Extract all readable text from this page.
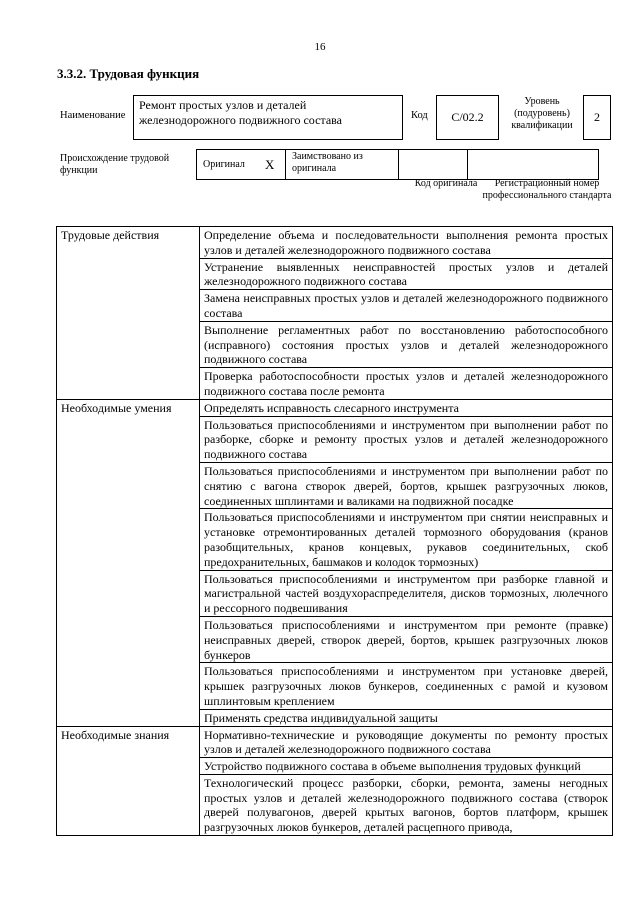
16
3.3.2. Трудовая функция
Наименование
Ремонт простых узлов и деталей железнодорожного подвижного состава	Код	C/02.2
Уровень (подуровень) квалификации
2
Происхождение трудовой функции
Оригинал	X	Заимствовано из оригинала		
Код оригинала	Регистрационный номер профессионального стандарта
Трудовые действия	Определение объема и последовательности выполнения ремонта простых узлов и деталей железнодорожного подвижного состава
	Устранение выявленных неисправностей простых узлов и деталей железнодорожного подвижного состава
	Замена неисправных простых узлов и деталей железнодорожного подвижного состава
	Выполнение регламентных работ по восстановлению работоспособного (исправного) состояния простых узлов и деталей железнодорожного подвижного состава
	Проверка работоспособности простых узлов и деталей железнодорожного подвижного состава после ремонта
Необходимые умения	Определять исправность слесарного инструмента
	Пользоваться приспособлениями и инструментом при выполнении работ по разборке, сборке и ремонту простых узлов и деталей железнодорожного подвижного состава
	Пользоваться приспособлениями и инструментом при выполнении работ по снятию с вагона створок дверей, бортов, крышек разгрузочных люков, соединенных шплинтами и валиками на подвижной посадке
	Пользоваться приспособлениями и инструментом при снятии неисправных и установке отремонтированных деталей тормозного оборудования (кранов разобщительных, кранов концевых, рукавов соединительных, скоб предохранительных, башмаков и колодок тормозных)
	Пользоваться приспособлениями и инструментом при разборке главной и магистральной частей воздухораспределителя, дисков тормозных, люлечного и рессорного подвешивания
	Пользоваться приспособлениями и инструментом при ремонте (правке) неисправных дверей, створок дверей, бортов, крышек разгрузочных люков бункеров
	Пользоваться приспособлениями и инструментом при установке дверей, крышек разгрузочных люков бункеров, соединенных с рамой и кузовом шплинтовым креплением
	Применять средства индивидуальной защиты
Необходимые знания	Нормативно-технические и руководящие документы по ремонту простых узлов и деталей железнодорожного подвижного состава
	Устройство подвижного состава в объеме выполнения трудовых функций
	Технологический процесс разборки, сборки, ремонта, замены негодных простых узлов и деталей железнодорожного подвижного состава (створок дверей полувагонов, дверей крытых вагонов, бортов платформ, крышек разгрузочных люков бункеров, деталей расцепного привода,
